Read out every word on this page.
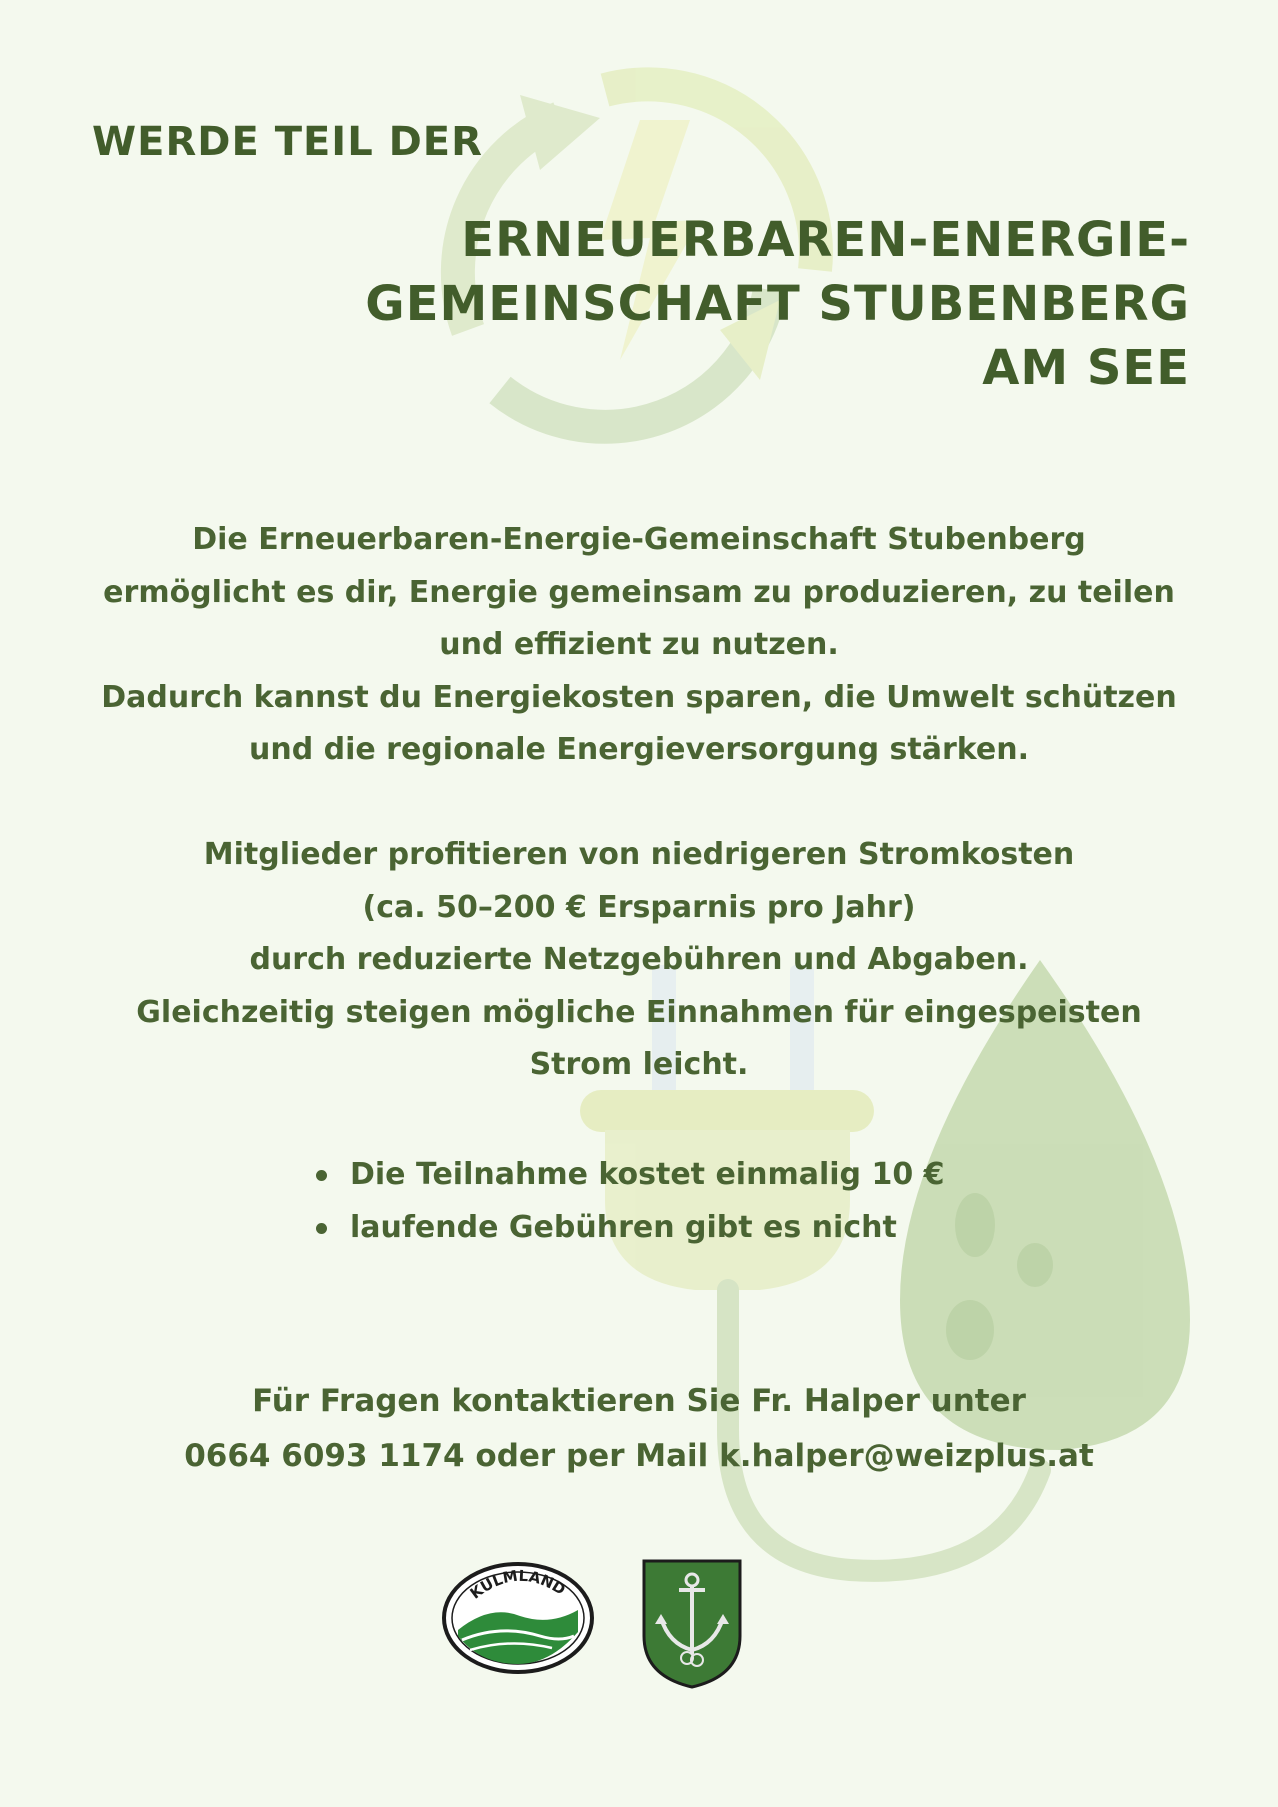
WERDE TEIL DER
ERNEUERBAREN-ENERGIE-
GEMEINSCHAFT STUBENBERG
AM SEE
Die Erneuerbaren-Energie-Gemeinschaft Stubenberg
ermöglicht es dir, Energie gemeinsam zu produzieren, zu teilen
und effizient zu nutzen.
Dadurch kannst du Energiekosten sparen, die Umwelt schützen
und die regionale Energieversorgung stärken.
Mitglieder profitieren von niedrigeren Stromkosten
(ca. 50–200 € Ersparnis pro Jahr)
durch reduzierte Netzgebühren und Abgaben.
Gleichzeitig steigen mögliche Einnahmen für eingespeisten
Strom leicht.
Die Teilnahme kostet einmalig 10 €
laufende Gebühren gibt es nicht
Für Fragen kontaktieren Sie Fr. Halper unter
0664 6093 1174 oder per Mail k.halper@weizplus.at
KULMLAND
